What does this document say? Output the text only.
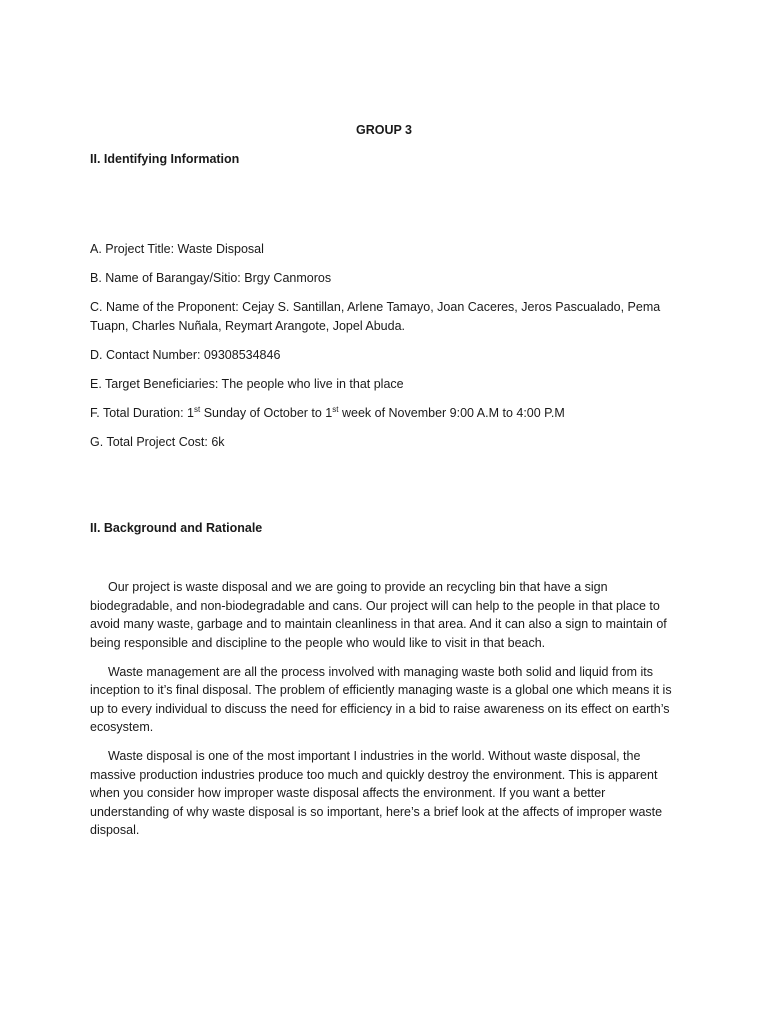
GROUP 3
II. Identifying Information

A. Project Title: Waste Disposal

B. Name of Barangay/Sitio: Brgy Canmoros

C. Name of the Proponent: Cejay S. Santillan, Arlene Tamayo, Joan Caceres, Jeros Pascualado, Pema Tuapn, Charles Nuñala, Reymart Arangote, Jopel Abuda.

D. Contact Number: 09308534846

E. Target Beneficiaries: The people who live in that place

F. Total Duration: 1st Sunday of October to 1st week of November 9:00 A.M to 4:00 P.M

G. Total Project Cost: 6k

II. Background and Rationale

Our project is waste disposal and we are going to provide an recycling bin that have a sign biodegradable, and non-biodegradable and cans. Our project will can help to the people in that place to avoid many waste, garbage and to maintain cleanliness in that area. And it can also a sign to maintain of being responsible and discipline to the people who would like to visit in that beach.

Waste management are all the process involved with managing waste both solid and liquid from its inception to it’s final disposal. The problem of efficiently managing waste is a global one which means it is up to every individual to discuss the need for efficiency in a bid to raise awareness on its effect on earth’s ecosystem.

Waste disposal is one of the most important I industries in the world. Without waste disposal, the massive production industries produce too much and quickly destroy the environment. This is apparent when you consider how improper waste disposal affects the environment. If you want a better understanding of why waste disposal is so important, here’s a brief look at the affects of improper waste disposal.
